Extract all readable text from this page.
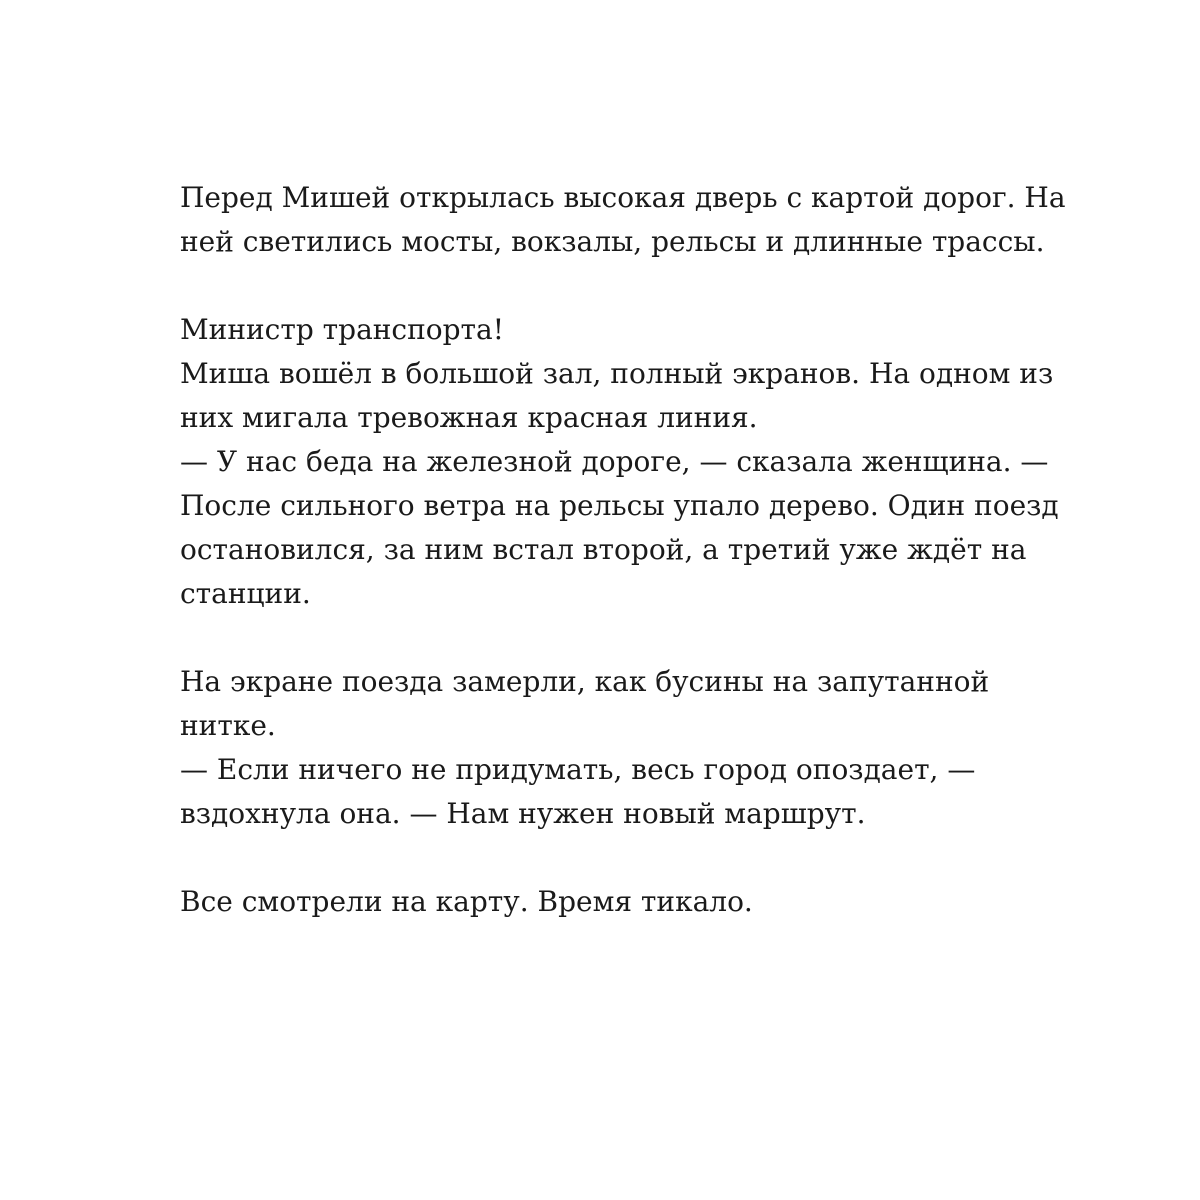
Перед Мишей открылась высокая дверь с картой дорог. На
ней светились мосты, вокзалы, рельсы и длинные трассы.
Министр транспорта!
Миша вошёл в большой зал, полный экранов. На одном из
них мигала тревожная красная линия.
— У нас беда на железной дороге, — сказала женщина. —
После сильного ветра на рельсы упало дерево. Один поезд
остановился, за ним встал второй, а третий уже ждёт на
станции.
На экране поезда замерли, как бусины на запутанной
нитке.
— Если ничего не придумать, весь город опоздает, —
вздохнула она. — Нам нужен новый маршрут.
Все смотрели на карту. Время тикало.
